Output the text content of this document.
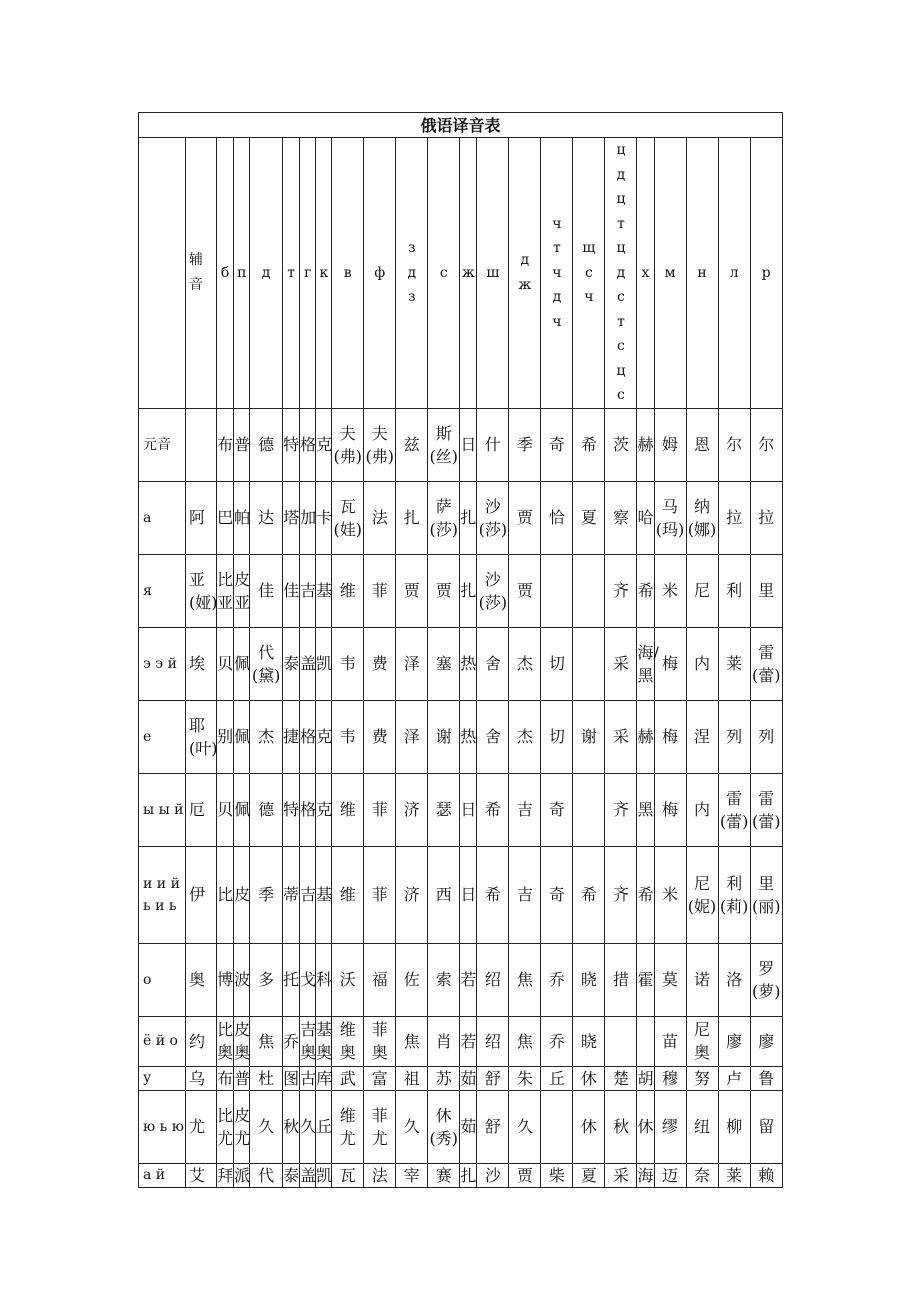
俄语译音表																						
	辅音	б	п	д	т	г	к	в	ф	зд з	с	ж	ш	д ж	ч т ч д ч	щ с ч	ц д ц т ц д с т с ц с	х	м	н	л	р
元音		布	普	德	特	格	克	夫(弗)	夫(弗)	兹	斯(丝)	日	什	季	奇	希	茨	赫	姆	恩	尔	尔
а	阿	巴	帕	达	塔	加	卡	瓦(娃)	法	扎	萨(莎)	扎	沙(莎)	贾	恰	夏	察	哈	马(玛)	纳(娜)	拉	拉
я	亚(娅)	比亚	皮亚	佳	佳	吉	基	维	菲	贾	贾	扎	沙(莎)	贾			齐	希	米	尼	利	里
э э й	埃	贝	佩	代(黛)	泰	盖	凯	韦	费	泽	塞	热	舍	杰	切		采	海/黑	梅	内	莱	雷(蕾)
е	耶(叶)	别	佩	杰	捷	格	克	韦	费	泽	谢	热	舍	杰	切	谢	采	赫	梅	涅	列	列
ы ы й	厄	贝	佩	德	特	格	克	维	菲	济	瑟	日	希	吉	奇		齐	黑	梅	内	雷(蕾)	雷(蕾)
и и й ь и ь	伊	比	皮	季	蒂	吉	基	维	菲	济	西	日	希	吉	奇	希	齐	希	米	尼(妮)	利(莉)	里(丽)
о	奥	博	波	多	托	戈	科	沃	福	佐	索	若	绍	焦	乔	晓	措	霍	莫	诺	洛	罗(萝)
ё й о	约	比奥	皮奥	焦	乔	吉奥	基奥	维奥	菲奥	焦	肖	若	绍	焦	乔	晓			苗	尼奥	廖	廖
у	乌	布	普	杜	图	古	库	武	富	祖	苏	茹	舒	朱	丘	休	楚	胡	穆	努	卢	鲁
ю ь ю	尤	比尤	皮尤	久	秋	久	丘	维尤	菲尤	久	休(秀)	茹	舒	久		休	秋	休	缪	纽	柳	留
а й	艾	拜	派	代	泰	盖	凯	瓦	法	宰	赛	扎	沙	贾	柴	夏	采	海	迈	奈	莱	赖
